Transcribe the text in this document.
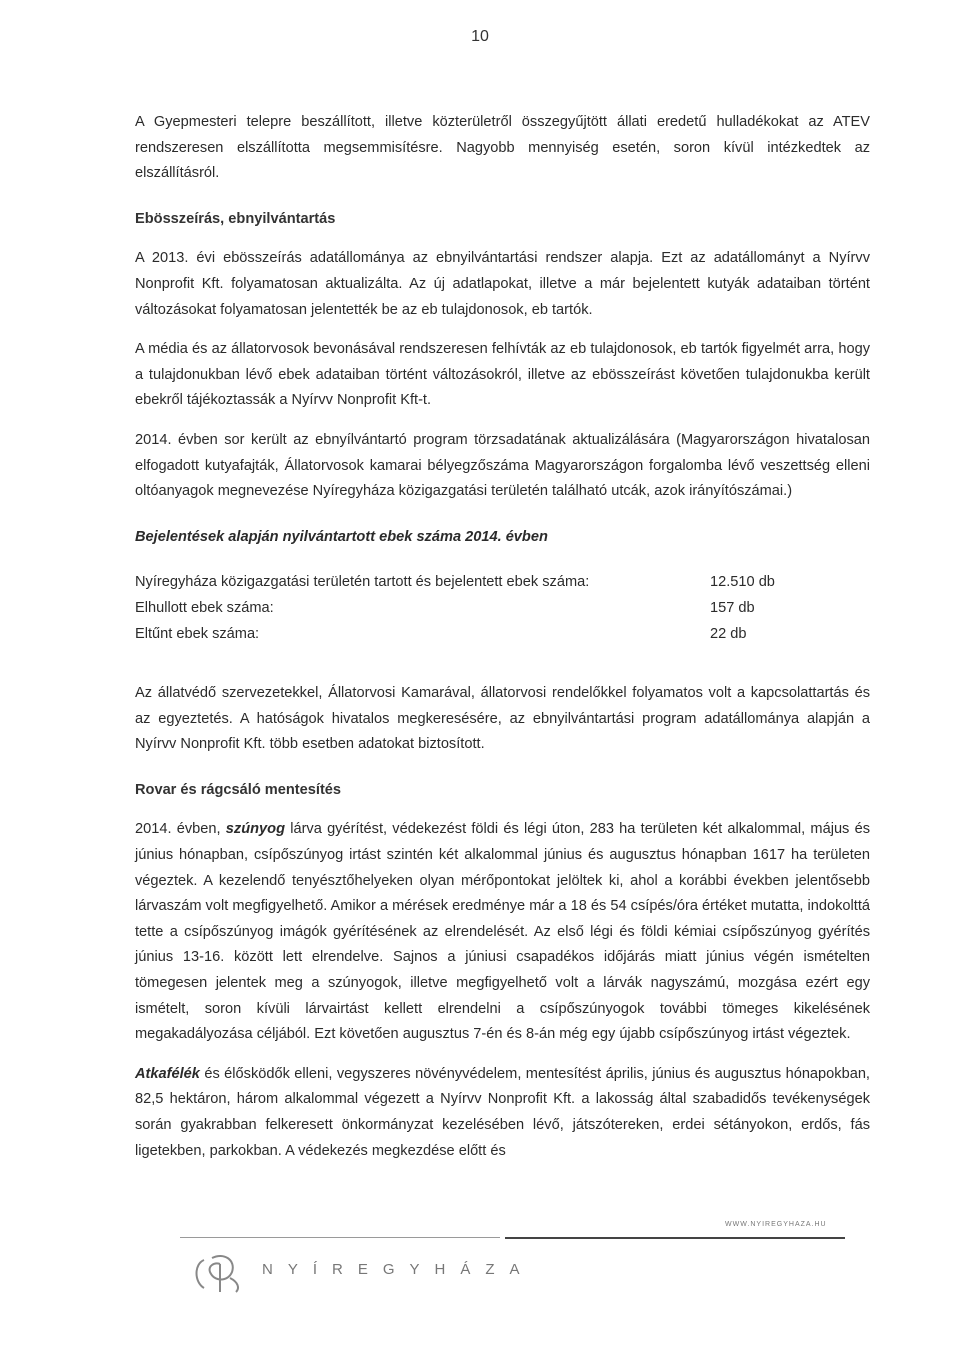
10

A Gyepmesteri telepre beszállított, illetve közterületről összegyűjtött állati eredetű hulladékokat az ATEV rendszeresen elszállította megsemmisítésre. Nagyobb mennyiség esetén, soron kívül intézkedtek az elszállításról.

Ebösszeírás, ebnyilvántartás

A 2013. évi ebösszeírás adatállománya az ebnyilvántartási rendszer alapja. Ezt az adatállományt a Nyírvv Nonprofit Kft. folyamatosan aktualizálta. Az új adatlapokat, illetve a már bejelentett kutyák adataiban történt változásokat folyamatosan jelentették be az eb tulajdonosok, eb tartók.

A média és az állatorvosok bevonásával rendszeresen felhívták az eb tulajdonosok, eb tartók figyelmét arra, hogy a tulajdonukban lévő ebek adataiban történt változásokról, illetve az ebösszeírást követően tulajdonukba került ebekről tájékoztassák a Nyírvv Nonprofit Kft-t.

2014. évben sor került az ebnyílvántartó program törzsadatának aktualizálására (Magyarországon hivatalosan elfogadott kutyafajták, Állatorvosok kamarai bélyegzőszáma Magyarországon forgalomba lévő veszettség elleni oltóanyagok megnevezése Nyíregyháza közigazgatási területén található utcák, azok irányítószámai.)

Bejelentések alapján nyilvántartott ebek száma 2014. évben

Nyíregyháza közigazgatási területén tartott és bejelentett ebek száma:	12.510 db
Elhullott ebek száma:	157 db
Eltűnt ebek száma:	22 db

Az állatvédő szervezetekkel, Állatorvosi Kamarával, állatorvosi rendelőkkel folyamatos volt a kapcsolattartás és az egyeztetés. A hatóságok hivatalos megkeresésére, az ebnyilvántartási program adatállománya alapján a Nyírvv Nonprofit Kft. több esetben adatokat biztosított.

Rovar és rágcsáló mentesítés

2014. évben, szúnyog lárva gyérítést, védekezést földi és légi úton, 283 ha területen két alkalommal, május és június hónapban, csípőszúnyog irtást szintén két alkalommal június és augusztus hónapban 1617 ha területen végeztek. A kezelendő tenyésztőhelyeken olyan mérőpontokat jelöltek ki, ahol a korábbi években jelentősebb lárvaszám volt megfigyelhető. Amikor a mérések eredménye már a 18 és 54 csípés/óra értéket mutatta, indokolttá tette a csípőszúnyog imágók gyérítésének az elrendelését. Az első légi és földi kémiai csípőszúnyog gyérítés június 13-16. között lett elrendelve. Sajnos a júniusi csapadékos időjárás miatt június végén ismételten tömegesen jelentek meg a szúnyogok, illetve megfigyelhető volt a lárvák nagyszámú, mozgása ezért egy ismételt, soron kívüli lárvairtást kellett elrendelni a csípőszúnyogok további tömeges kikelésének megakadályozása céljából. Ezt követően augusztus 7-én és 8-án még egy újabb csípőszúnyog irtást végeztek.

Atkafélék és élősködők elleni, vegyszeres növényvédelem, mentesítést április, június és augusztus hónapokban, 82,5 hektáron, három alkalommal végezett a Nyírvv Nonprofit Kft. a lakosság által szabadidős tevékenységek során gyakrabban felkeresett önkormányzat kezelésében lévő, játszótereken, erdei sétányokon, erdős, fás ligetekben, parkokban. A védekezés megkezdése előtt és

WWW.NYIREGYHAZA.HU
NYÍREGYHÁZA
